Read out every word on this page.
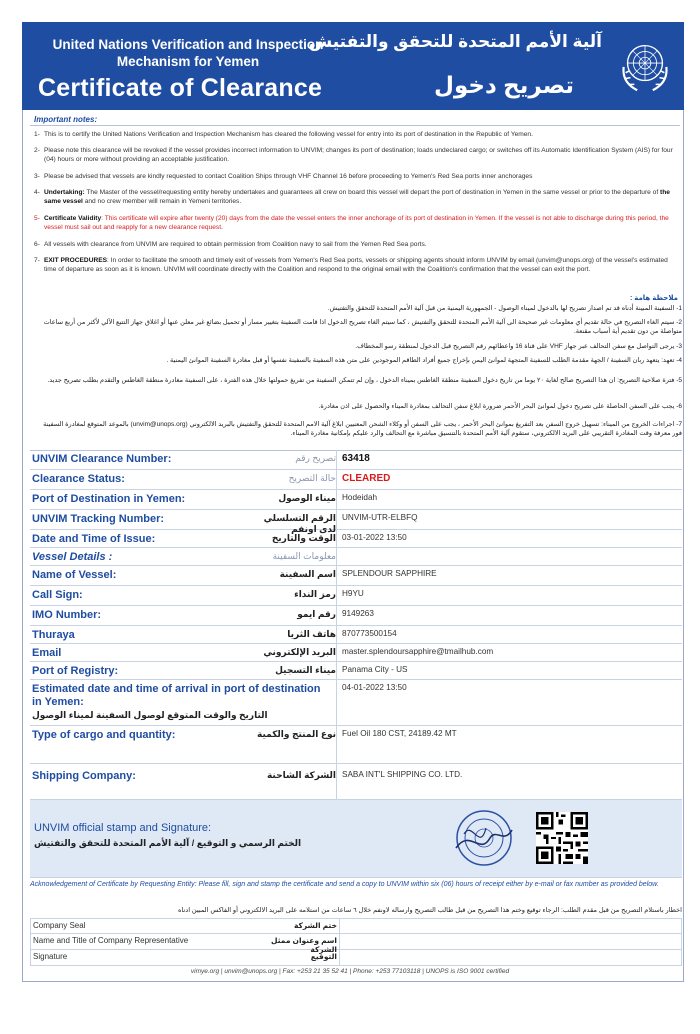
United Nations Verification and Inspection Mechanism for Yemen
Certificate of Clearance
آلية الأمم المتحدة للتحقق والتفتيش
تصريح دخول
Important notes:
1- This is to certify the United Nations Verification and Inspection Mechanism has cleared the following vessel for entry into its port of destination in the Republic of Yemen.
2- Please note this clearance will be revoked if the vessel provides incorrect information to UNVIM; changes its port of destination; loads undeclared cargo; or switches off its Automatic Identification System (AIS) for four (04) hours or more without providing an acceptable justification.
3- Please be advised that vessels are kindly requested to contact Coalition Ships through VHF Channel 16 before proceeding to Yemen's Red Sea ports inner anchorages
4- Undertaking: The Master of the vessel/requesting entity hereby undertakes and guarantees all crew on board this vessel will depart the port of destination in Yemen in the same vessel or prior to the departure of the same vessel and no crew member will remain in Yemeni territories.
5- Certificate Validity: This certificate will expire after twenty (20) days from the date the vessel enters the inner anchorage of its port of destination in Yemen. If the vessel is not able to discharge during this period, the vessel must sail out and reapply for a new clearance request.
6- All vessels with clearance from UNVIM are required to obtain permission from Coalition navy to sail from the Yemen Red Sea ports.
7- EXIT PROCEDURES: In order to facilitate the smooth and timely exit of vessels from Yemen's Red Sea ports, vessels or shipping agents should inform UNVIM by email (unvim@unops.org) of the vessel's estimated time of departure as soon as it is known. UNVIM will coordinate directly with the Coalition and respond to the original email with the Coalition's confirmation that the vessel can exit the port.
ملاحظة هامة :
1- السفينة المبينة أدناه قد تم اصدار تصريح لها بالدخول لميناء الوصول - الجمهورية اليمنية من قبل آلية الأمم المتحدة للتحقق والتفتيش.
2- سيتم الغاء التصريح في حالة تقديم أي معلومات غير صحيحة الى آلية الأمم المتحدة للتحقق والتفتيش ، كما سيتم الغاء تصريح الدخول اذا قامت السفينة بتغيير مسار أو تحميل بضائع غير معلن عنها أو اغلاق جهاز التتبع الآلي لأكثر من أربع ساعات متواصلة من دون تقديم أية أسباب مقنعة.
3- يرجى التواصل مع سفن التحالف عبر جهاز VHF على قناة 16 واعطائهم رقم التصريح قبل الدخول لمنطقة رسو المخطاف.
4- تعهد: يتعهد ربان السفينة / الجهة مقدمة الطلب للسفينة المتجهة لموانئ اليمن بإخراج جميع أفراد الطاقم الموجودين على متن هذه السفينة بالسفينة نفسها أو قبل مغادرة السفينة الموانئ اليمنية .
5- فترة صلاحية التصريح: ان هذا التصريح صالح لغاية ٢٠ يوما من تاريخ دخول السفينة منطقة الغاطس بميناء الدخول ، وإن لم تتمكن السفينة من تفريغ حمولتها خلال هذه الفترة ، على السفينة مغادرة منطقة الغاطس والتقدم بطلب تصريح جديد.
6- يجب على السفن الحاصلة على تصريح دخول لموانئ البحر الأحمر ضرورة ابلاغ سفن التحالف بمغادرة الميناء والحصول على اذن مغادرة.
7- اجراءات الخروج من الميناء: تسهيل خروج السفن بعد التفريغ بموانئ البحر الأحمر ، يجب على السفن أو وكلاء الشحن المعنيين ابلاغ آلية الامم المتحدة للتحقق والتفتيش بالبريد الالكتروني (unvim@unops.org) بالموعد المتوقع لمغادرة السفينة فور معرفة وقت المغادرة التقريبي على البريد الالكتروني، ستقوم آلية الأمم المتحدة بالتنسيق مباشرة مع التحالف والرد عليكم بإمكانية مغادرة الميناء.
UNVIM Clearance Number:	تصريح رقم 63418
Clearance Status:	حالة التصريح CLEARED
Port of Destination in Yemen:	ميناء الوصول Hodeidah
UNVIM Tracking Number:	الرقم التسلسلي لدى اونفم
UNVIM-UTR-ELBFQ
Date and Time of Issue:	الوقت والتاريخ 03-01-2022 13:50
Vessel Details :	معلومات السفينة
Name of Vessel:	اسم السفينة SPLENDOUR SAPPHIRE
Call Sign:	رمز النداء H9YU
IMO Number:	رقم ايمو 9149263
Thuraya	هاتف الثريا 870773500154
Email	البريد الإلكتروني master.splendoursapphire@tmailhub.com
Port of Registry:	ميناء التسجيل Panama City - US
Estimated date and time of arrival in port of destination in Yemen:
التاريخ والوقت المتوقع لوصول السفينة لميناء الوصول
04-01-2022 13:50
Type of cargo and quantity:	نوع المنتج والكمية Fuel Oil 180 CST, 24189.42 MT
Shipping Company:	الشركة الشاحنة SABA INT'L SHIPPING CO. LTD.
UNVIM official stamp and Signature:
الختم الرسمي و التوقيع / آلية الأمم المتحدة للتحقق والتفتيش
Acknowledgement of Certificate by Requesting Entity: Please fill, sign and stamp the certificate and send a copy to UNVIM within six (06) hours of receipt either by e-mail or fax number as provided below.
اخطار باستلام التصريح من قبل مقدم الطلب: الرجاء توقيع وختم هذا التصريح من قبل طالب التصريح وارساله لاونفم خلال ٦ ساعات من استلامه على البريد الالكتروني أو الفاكس المبين ادناه
Company Seal	ختم الشركة
Name and Title of Company Representative	اسم وعنوان ممثل الشركة
Signature	التوقيع
vimye.org | unvim@unops.org | Fax: +253 21 35 52 41 | Phone: +253 77103118 | UNOPS is ISO 9001 certified
